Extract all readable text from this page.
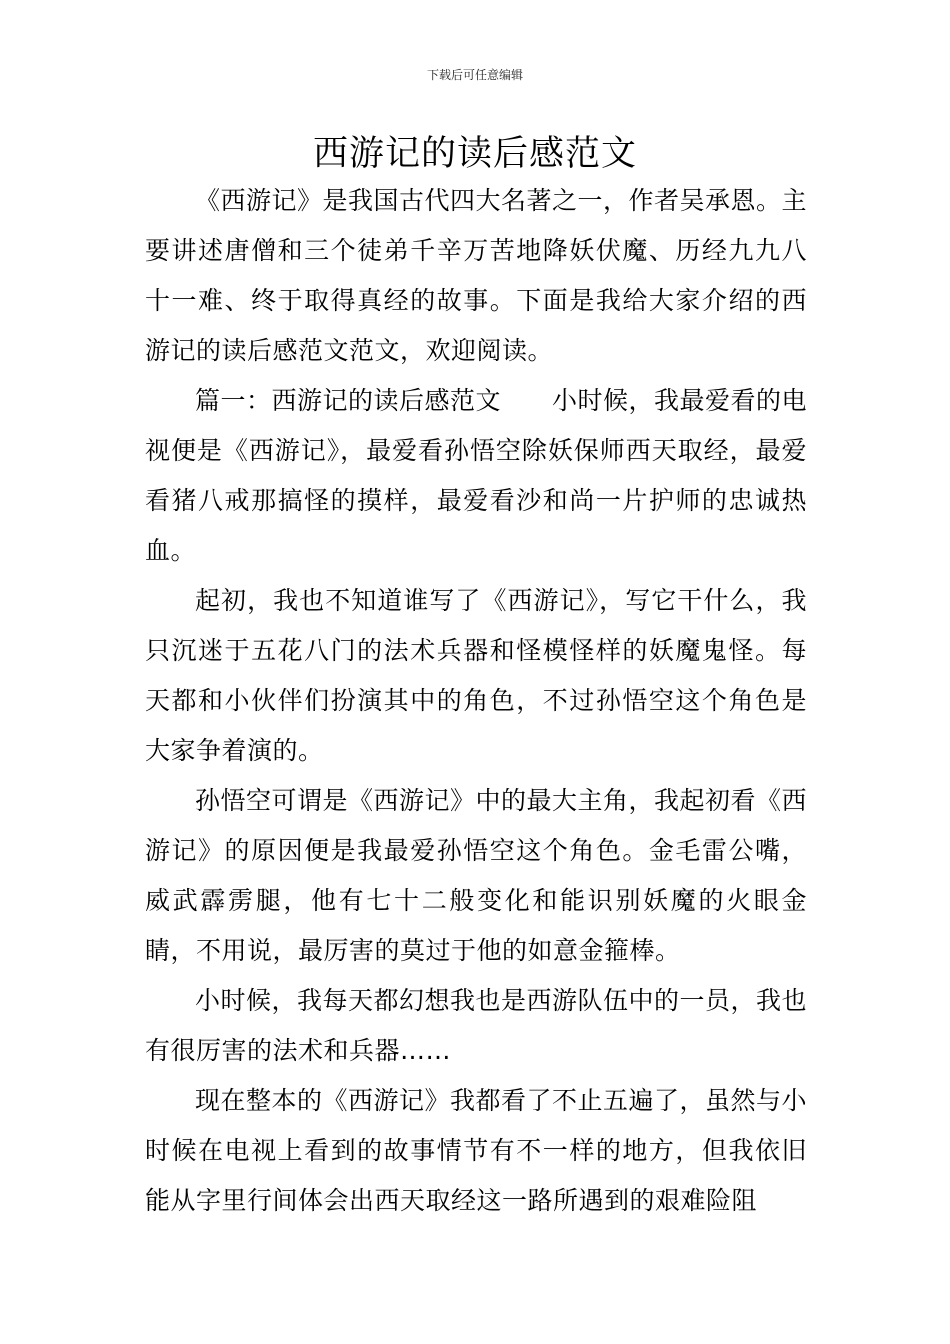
下载后可任意编辑
西游记的读后感范文

《西游记》是我国古代四大名著之一，作者吴承恩。主要讲述唐僧和三个徒弟千辛万苦地降妖伏魔、历经九九八十一难、终于取得真经的故事。下面是我给大家介绍的西游记的读后感范文范文，欢迎阅读。

篇一：西游记的读后感范文　　小时候，我最爱看的电视便是《西游记》，最爱看孙悟空除妖保师西天取经，最爱看猪八戒那搞怪的摸样，最爱看沙和尚一片护师的忠诚热血。

起初，我也不知道谁写了《西游记》，写它干什么，我只沉迷于五花八门的法术兵器和怪模怪样的妖魔鬼怪。每天都和小伙伴们扮演其中的角色，不过孙悟空这个角色是大家争着演的。

孙悟空可谓是《西游记》中的最大主角，我起初看《西游记》的原因便是我最爱孙悟空这个角色。金毛雷公嘴，威武霹雳腿，他有七十二般变化和能识别妖魔的火眼金睛，不用说，最厉害的莫过于他的如意金箍棒。

小时候，我每天都幻想我也是西游队伍中的一员，我也有很厉害的法术和兵器……

现在整本的《西游记》我都看了不止五遍了，虽然与小时候在电视上看到的故事情节有不一样的地方，但我依旧能从字里行间体会出西天取经这一路所遇到的艰难险阻
